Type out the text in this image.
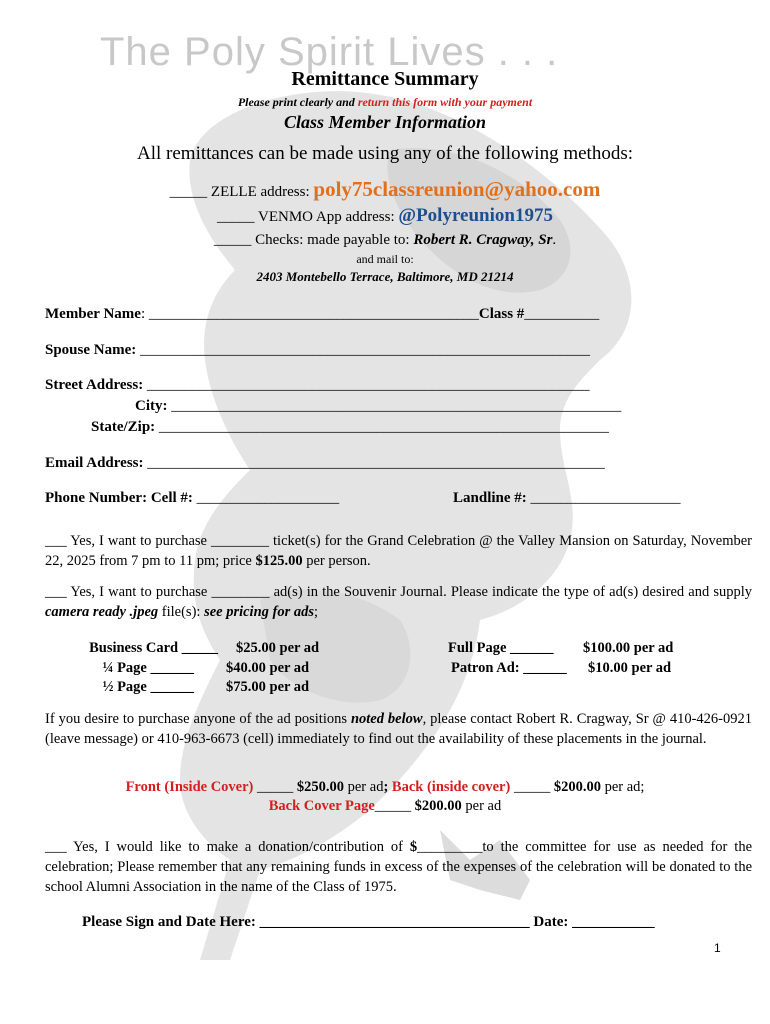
The Poly Spirit Lives . . .
Remittance Summary
Please print clearly and return this form with your payment
Class Member Information
All remittances can be made using any of the following methods:
_____ ZELLE address: poly75classreunion@yahoo.com
_____ VENMO App address: @Polyreunion1975
_____ Checks: made payable to: Robert R. Cragway, Sr.
and mail to:
2403 Montebello Terrace, Baltimore, MD 21214
Member Name: ____________________________________________Class #__________
Spouse Name: ____________________________________________________________
Street Address: ___________________________________________________________
City: ____________________________________________________________
State/Zip: ____________________________________________________________
Email Address: _____________________________________________________________
Phone Number: Cell #: ___________________	Landline #: ____________________
___ Yes, I want to purchase ________ ticket(s) for the Grand Celebration @ the Valley Mansion on Saturday, November 22, 2025 from 7 pm to 11 pm; price $125.00 per person.
___ Yes, I want to purchase ________ ad(s) in the Souvenir Journal. Please indicate the type of ad(s) desired and supply camera ready .jpeg file(s): see pricing for ads;
Business Card _____ $25.00 per ad
¼ Page ______ $40.00 per ad
½ Page ______ $75.00 per ad
Full Page ______ $100.00 per ad
Patron Ad: ______ $10.00 per ad
If you desire to purchase anyone of the ad positions noted below, please contact Robert R. Cragway, Sr @ 410-426-0921 (leave message) or 410-963-6673 (cell) immediately to find out the availability of these placements in the journal.
Front (Inside Cover) _____ $250.00 per ad; Back (inside cover) _____ $200.00 per ad;
Back Cover Page_____ $200.00 per ad
___ Yes, I would like to make a donation/contribution of $_________to the committee for use as needed for the celebration; Please remember that any remaining funds in excess of the expenses of the celebration will be donated to the school Alumni Association in the name of the Class of 1975.
Please Sign and Date Here: ____________________________________ Date: ___________
1
